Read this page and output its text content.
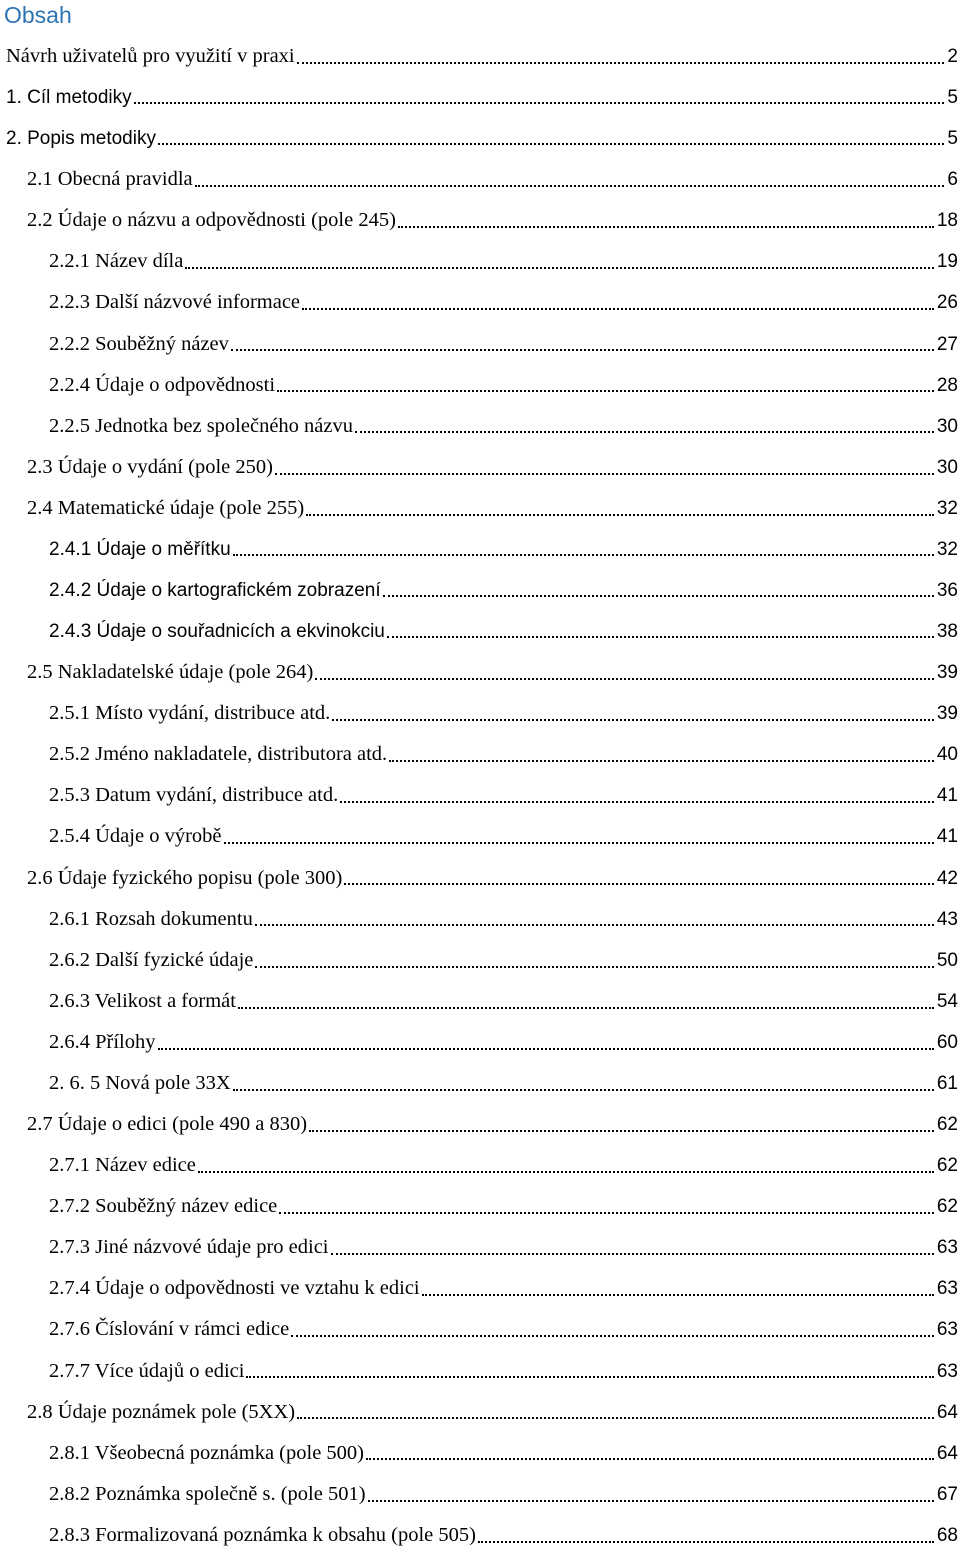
Obsah
Návrh uživatelů pro využití v praxi	2
1. Cíl metodiky	5
2. Popis metodiky	5
2.1 Obecná pravidla	6
2.2 Údaje o názvu a odpovědnosti (pole 245)	18
2.2.1 Název díla	19
2.2.3 Další názvové informace	26
2.2.2 Souběžný název	27
2.2.4 Údaje o odpovědnosti	28
2.2.5 Jednotka bez společného názvu	30
2.3 Údaje o vydání (pole 250)	30
2.4 Matematické údaje (pole 255)	32
2.4.1 Údaje o měřítku	32
2.4.2 Údaje o kartografickém zobrazení	36
2.4.3 Údaje o souřadnicích a ekvinokciu	38
2.5 Nakladatelské údaje (pole 264)	39
2.5.1 Místo vydání, distribuce atd.	39
2.5.2 Jméno nakladatele, distributora atd.	40
2.5.3 Datum vydání, distribuce atd.	41
2.5.4 Údaje o výrobě	41
2.6 Údaje fyzického popisu (pole 300)	42
2.6.1 Rozsah dokumentu	43
2.6.2 Další fyzické údaje	50
2.6.3 Velikost a formát	54
2.6.4 Přílohy	60
2. 6. 5 Nová pole 33X	61
2.7 Údaje o edici (pole 490 a 830)	62
2.7.1 Název edice	62
2.7.2 Souběžný název edice	62
2.7.3 Jiné názvové údaje pro edici	63
2.7.4 Údaje o odpovědnosti ve vztahu k edici	63
2.7.6 Číslování v rámci edice	63
2.7.7 Více údajů o edici	63
2.8 Údaje poznámek pole (5XX)	64
2.8.1 Všeobecná poznámka (pole 500)	64
2.8.2 Poznámka společně s. (pole 501)	67
2.8.3 Formalizovaná poznámka k obsahu (pole 505)	68
